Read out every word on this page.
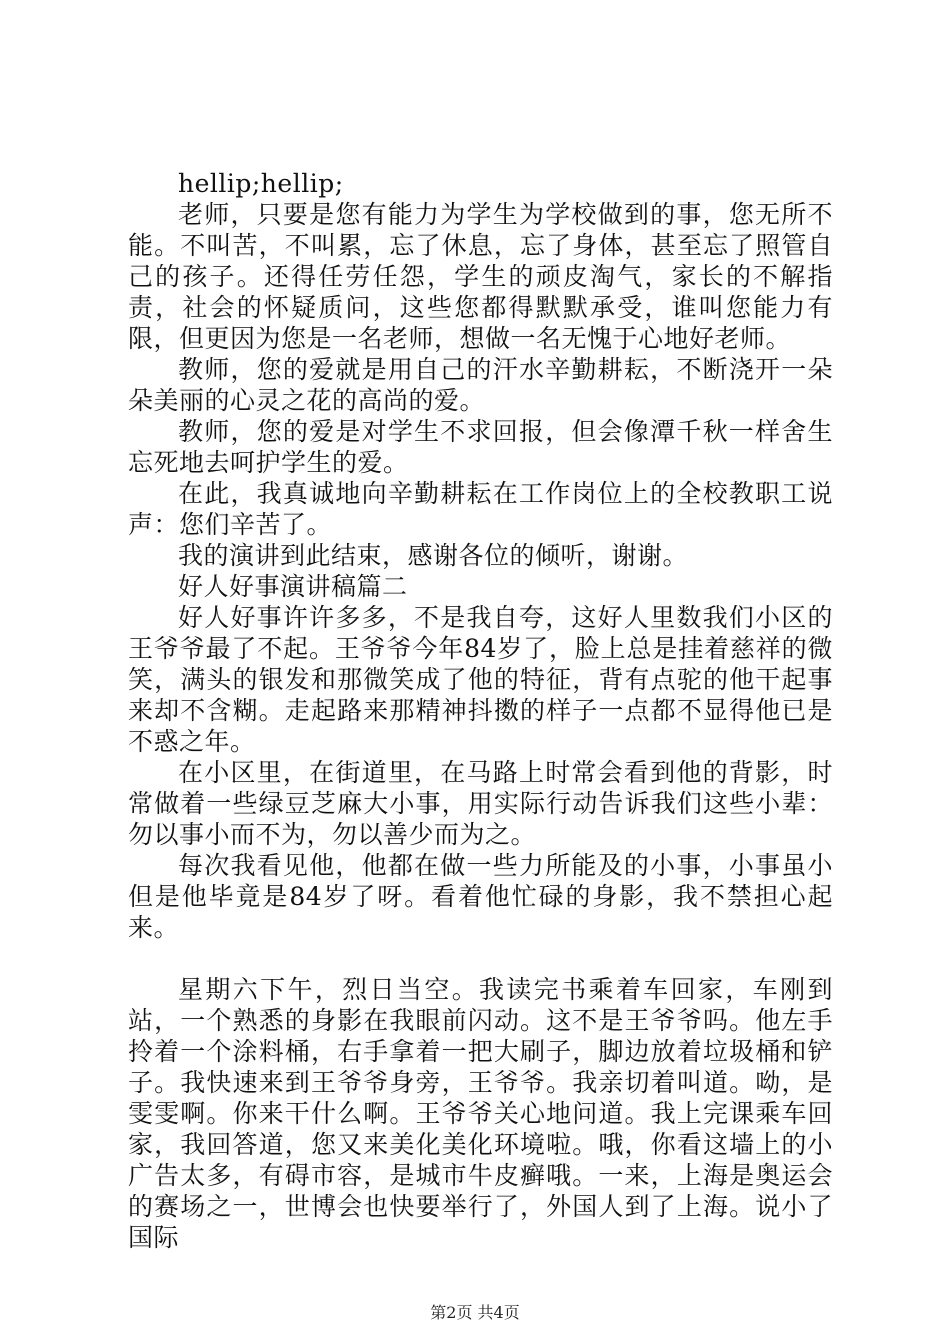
hellip;hellip;

老师，只要是您有能力为学生为学校做到的事，您无所不能。不叫苦，不叫累，忘了休息，忘了身体，甚至忘了照管自己的孩子。还得任劳任怨，学生的顽皮淘气，家长的不解指责，社会的怀疑质问，这些您都得默默承受，谁叫您能力有限，但更因为您是一名老师，想做一名无愧于心地好老师。

教师，您的爱就是用自己的汗水辛勤耕耘，不断浇开一朵朵美丽的心灵之花的高尚的爱。

教师，您的爱是对学生不求回报，但会像潭千秋一样舍生忘死地去呵护学生的爱。

在此，我真诚地向辛勤耕耘在工作岗位上的全校教职工说声：您们辛苦了。

我的演讲到此结束，感谢各位的倾听，谢谢。

好人好事演讲稿篇二

好人好事许许多多，不是我自夸，这好人里数我们小区的王爷爷最了不起。王爷爷今年84岁了，脸上总是挂着慈祥的微笑，满头的银发和那微笑成了他的特征，背有点驼的他干起事来却不含糊。走起路来那精神抖擞的样子一点都不显得他已是不惑之年。

在小区里，在街道里，在马路上时常会看到他的背影，时常做着一些绿豆芝麻大小事，用实际行动告诉我们这些小辈：勿以事小而不为，勿以善少而为之。

每次我看见他，他都在做一些力所能及的小事，小事虽小但是他毕竟是84岁了呀。看着他忙碌的身影，我不禁担心起来。

星期六下午，烈日当空。我读完书乘着车回家，车刚到站，一个熟悉的身影在我眼前闪动。这不是王爷爷吗。他左手拎着一个涂料桶，右手拿着一把大刷子，脚边放着垃圾桶和铲子。我快速来到王爷爷身旁，王爷爷。我亲切着叫道。呦，是雯雯啊。你来干什么啊。王爷爷关心地问道。我上完课乘车回家，我回答道，您又来美化美化环境啦。哦，你看这墙上的小广告太多，有碍市容，是城市牛皮癣哦。一来，上海是奥运会的赛场之一，世博会也快要举行了，外国人到了上海。说小了国际

第2页 共4页
